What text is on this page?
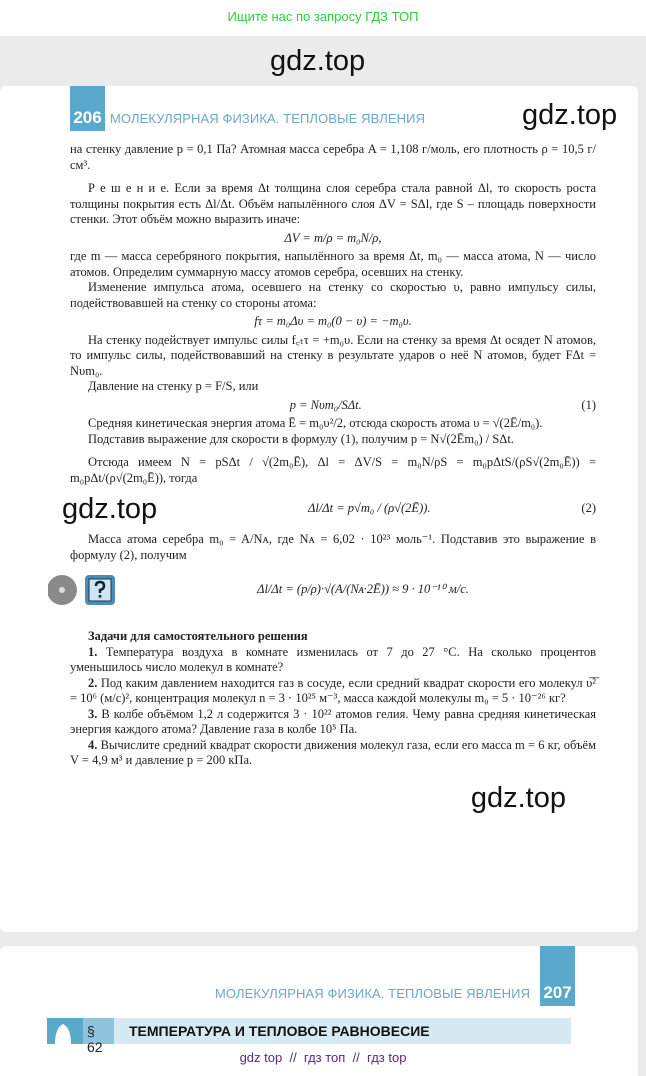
Ищите нас по запросу ГДЗ ТОП
206 МОЛЕКУЛЯРНАЯ ФИЗИКА. ТЕПЛОВЫЕ ЯВЛЕНИЯ
gdz.top
gdz.top

на стенку давление p = 0,1 Па? Атомная масса серебра A = 1,108 г/моль, его плотность ρ = 10,5 г/см³.

Р е ш е н и е. Если за время Δt толщина слоя серебра стала равной Δl, то скорость роста толщины покрытия есть Δl/Δt. Объём напылённого слоя ΔV = SΔl, где S – площадь поверхности стенки. Этот объём можно выразить иначе:

ΔV = m/ρ = m₀N/ρ,

где m — масса серебряного покрытия, напылённого за время Δt, m₀ — масса атома, N — число атомов. Определим суммарную массу атомов серебра, осевших на стенку.

Изменение импульса атома, осевшего на стенку со скоростью υ, равно импульсу силы, подействовавшей на стенку со стороны атома:

fτ = m₀Δυ = m₀(0 − υ) = −m₀υ.

На стенку подействует импульс силы f꜀ₜτ = +m₀υ. Если на стенку за время Δt осядет N атомов, то импульс силы, подействовавший на стенку в результате ударов о неё N атомов, будет FΔt = Nυm₀.

Давление на стенку p = F/S, или

p = Nυm₀/SΔt.	(1)

Средняя кинетическая энергия атома Ē = m₀υ²/2, отсюда скорость атома υ = √(2Ē/m₀).

Подставив выражение для скорости в формулу (1), получим p = N√(2Ēm₀) / SΔt.

Отсюда имеем N = pSΔt / √(2m₀Ē), Δl = ΔV/S = m₀N/ρS = m₀pΔtS/(ρS√(2m₀Ē)) = m₀pΔt/(ρ√(2m₀Ē)), тогда

gdz.top	Δl/Δt = p√m₀ / (ρ√(2Ē)).	(2)

Масса атома серебра m₀ = A/Nᴀ, где Nᴀ = 6,02 · 10²³ моль⁻¹. Подставив это выражение в формулу (2), получим

Δl/Δt = (p/ρ)·√(A/(Nᴀ·2Ē)) ≈ 9 · 10⁻¹⁰ м/с.
Задачи для самостоятельного решения

1. Температура воздуха в комнате изменилась от 7 до 27 °С. На сколько процентов уменьшилось число молекул в комнате?

2. Под каким давлением находится газ в сосуде, если средний квадрат скорости его молекул υ̅²̅ = 10⁶ (м/с)², концентрация молекул n = 3 · 10²⁵ м⁻³, масса каждой молекулы m₀ = 5 · 10⁻²⁶ кг?

3. В колбе объёмом 1,2 л содержится 3 · 10²² атомов гелия. Чему равна средняя кинетическая энергия каждого атома? Давление газа в колбе 10⁵ Па.

4. Вычислите средний квадрат скорости движения молекул газа, если его масса m = 6 кг, объём V = 4,9 м³ и давление p = 200 кПа.

gdz.top
207
МОЛЕКУЛЯРНАЯ ФИЗИКА. ТЕПЛОВЫЕ ЯВЛЕНИЯ
§ 62
ТЕМПЕРАТУРА И ТЕПЛОВОЕ РАВНОВЕСИЕ
gdz top // гдз топ // гдз top
